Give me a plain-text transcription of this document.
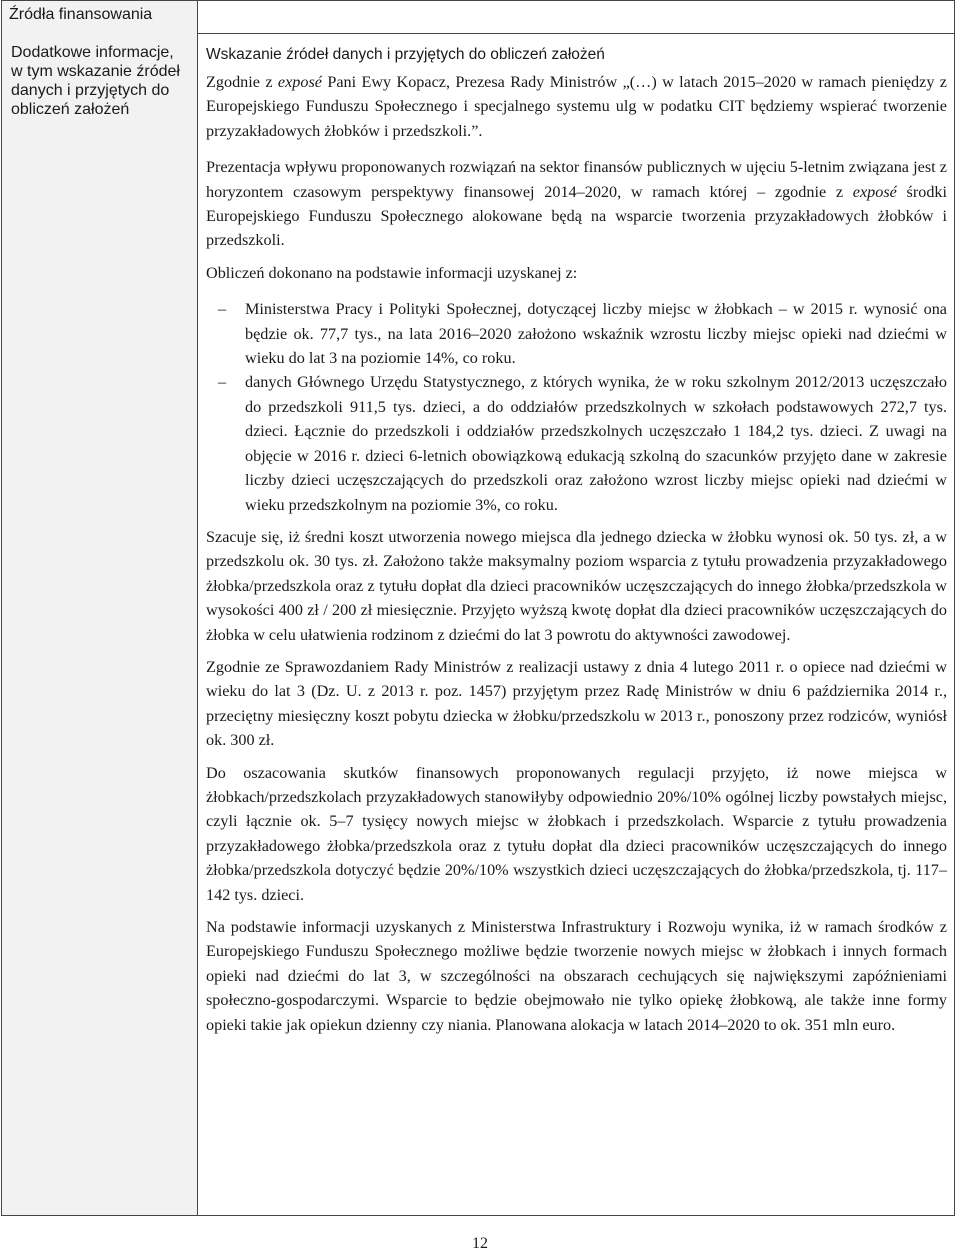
Źródła finansowania
Dodatkowe informacje, w tym wskazanie źródeł danych i przyjętych do obliczeń założeń
Wskazanie źródeł danych i przyjętych do obliczeń założeń

Zgodnie z exposé Pani Ewy Kopacz, Prezesa Rady Ministrów „(…) w latach 2015–2020 w ramach pieniędzy z Europejskiego Funduszu Społecznego i specjalnego systemu ulg w podatku CIT będziemy wspierać tworzenie przyzakładowych żłobków i przedszkoli.”.

Prezentacja wpływu proponowanych rozwiązań na sektor finansów publicznych w ujęciu 5-letnim związana jest z horyzontem czasowym perspektywy finansowej 2014–2020, w ramach której – zgodnie z exposé środki Europejskiego Funduszu Społecznego alokowane będą na wsparcie tworzenia przyzakładowych żłobków i przedszkoli.

Obliczeń dokonano na podstawie informacji uzyskanej z:

– Ministerstwa Pracy i Polityki Społecznej, dotyczącej liczby miejsc w żłobkach – w 2015 r. wynosić ona będzie ok. 77,7 tys., na lata 2016–2020 założono wskaźnik wzrostu liczby miejsc opieki nad dziećmi w wieku do lat 3 na poziomie 14%, co roku.
– danych Głównego Urzędu Statystycznego, z których wynika, że w roku szkolnym 2012/2013 uczęszczało do przedszkoli 911,5 tys. dzieci, a do oddziałów przedszkolnych w szkołach podstawowych 272,7 tys. dzieci. Łącznie do przedszkoli i oddziałów przedszkolnych uczęszczało 1 184,2 tys. dzieci. Z uwagi na objęcie w 2016 r. dzieci 6-letnich obowiązkową edukacją szkolną do szacunków przyjęto dane w zakresie liczby dzieci uczęszczających do przedszkoli oraz założono wzrost liczby miejsc opieki nad dziećmi w wieku przedszkolnym na poziomie 3%, co roku.

Szacuje się, iż średni koszt utworzenia nowego miejsca dla jednego dziecka w żłobku wynosi ok. 50 tys. zł, a w przedszkolu ok. 30 tys. zł. Założono także maksymalny poziom wsparcia z tytułu prowadzenia przyzakładowego żłobka/przedszkola oraz z tytułu dopłat dla dzieci pracowników uczęszczających do innego żłobka/przedszkola w wysokości 400 zł / 200 zł miesięcznie. Przyjęto wyższą kwotę dopłat dla dzieci pracowników uczęszczających do żłobka w celu ułatwienia rodzinom z dziećmi do lat 3 powrotu do aktywności zawodowej.

Zgodnie ze Sprawozdaniem Rady Ministrów z realizacji ustawy z dnia 4 lutego 2011 r. o opiece nad dziećmi w wieku do lat 3 (Dz. U. z 2013 r. poz. 1457) przyjętym przez Radę Ministrów w dniu 6 października 2014 r., przeciętny miesięczny koszt pobytu dziecka w żłobku/przedszkolu w 2013 r., ponoszony przez rodziców, wyniósł ok. 300 zł.

Do oszacowania skutków finansowych proponowanych regulacji przyjęto, iż nowe miejsca w żłobkach/przedszkolach przyzakładowych stanowiłyby odpowiednio 20%/10% ogólnej liczby powstałych miejsc, czyli łącznie ok. 5–7 tysięcy nowych miejsc w żłobkach i przedszkolach. Wsparcie z tytułu prowadzenia przyzakładowego żłobka/przedszkola oraz z tytułu dopłat dla dzieci pracowników uczęszczających do innego żłobka/przedszkola dotyczyć będzie 20%/10% wszystkich dzieci uczęszczających do żłobka/przedszkola, tj. 117–142 tys. dzieci.

Na podstawie informacji uzyskanych z Ministerstwa Infrastruktury i Rozwoju wynika, iż w ramach środków z Europejskiego Funduszu Społecznego możliwe będzie tworzenie nowych miejsc w żłobkach i innych formach opieki nad dziećmi do lat 3, w szczególności na obszarach cechujących się największymi zapóźnieniami społeczno-gospodarczymi. Wsparcie to będzie obejmowało nie tylko opiekę żłobkową, ale także inne formy opieki takie jak opiekun dzienny czy niania. Planowana alokacja w latach 2014–2020 to ok. 351 mln euro.

12
